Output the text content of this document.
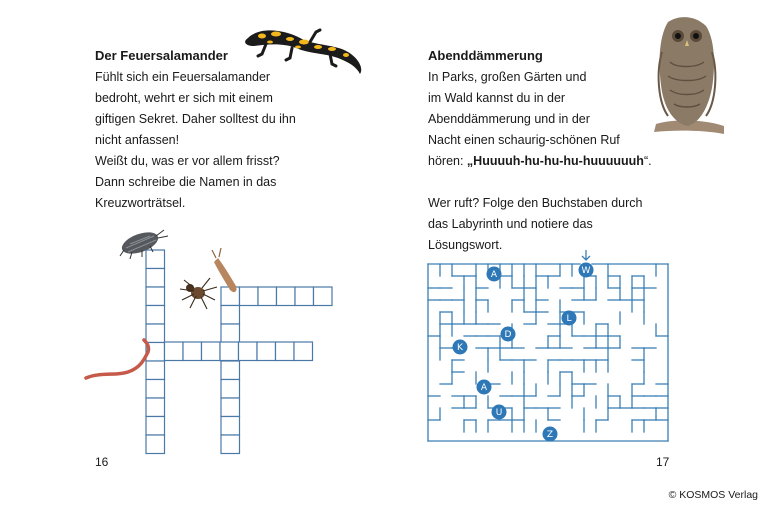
Der Feuersalamander
Fühlt sich ein Feuersalamander
bedroht, wehrt er sich mit einem
giftigen Sekret. Daher solltest du ihn
nicht anfassen!
Weißt du, was er vor allem frisst?
Dann schreibe die Namen in das
Kreuzworträtsel.
16
Abenddämmerung
In Parks, großen Gärten und
im Wald kannst du in der
Abenddämmerung und in der
Nacht einen schaurig-schönen Ruf
hören: „Huuuuh-hu-hu-hu-huuuuuuh“.
Wer ruft? Folge den Buchstaben durch
das Labyrinth und notiere das
Lösungswort.
W
A
L
D
K
A
U
Z
17
© KOSMOS Verlag
